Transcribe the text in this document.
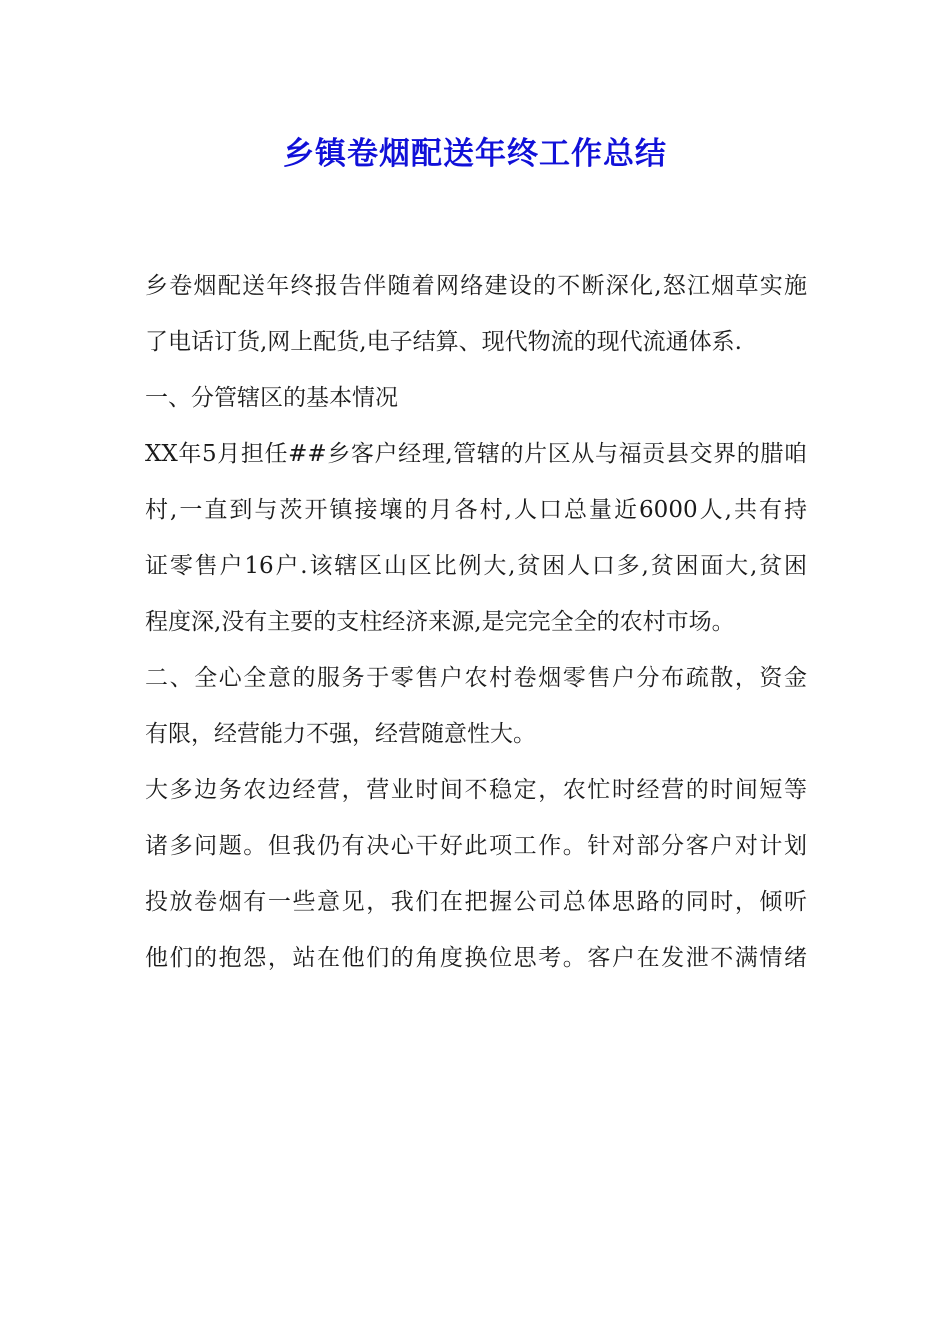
乡镇卷烟配送年终工作总结
乡卷烟配送年终报告伴随着网络建设的不断深化,怒江烟草实施
了电话订货,网上配货,电子结算、现代物流的现代流通体系.
一、分管辖区的基本情况
XX年5月担任##乡客户经理,管辖的片区从与福贡县交界的腊咱
村,一直到与茨开镇接壤的月各村,人口总量近6000人,共有持
证零售户16户.该辖区山区比例大,贫困人口多,贫困面大,贫困
程度深,没有主要的支柱经济来源,是完完全全的农村市场。
二、全心全意的服务于零售户农村卷烟零售户分布疏散，资金
有限，经营能力不强，经营随意性大。
大多边务农边经营，营业时间不稳定，农忙时经营的时间短等
诸多问题。但我仍有决心干好此项工作。针对部分客户对计划
投放卷烟有一些意见，我们在把握公司总体思路的同时，倾听
他们的抱怨，站在他们的角度换位思考。客户在发泄不满情绪
